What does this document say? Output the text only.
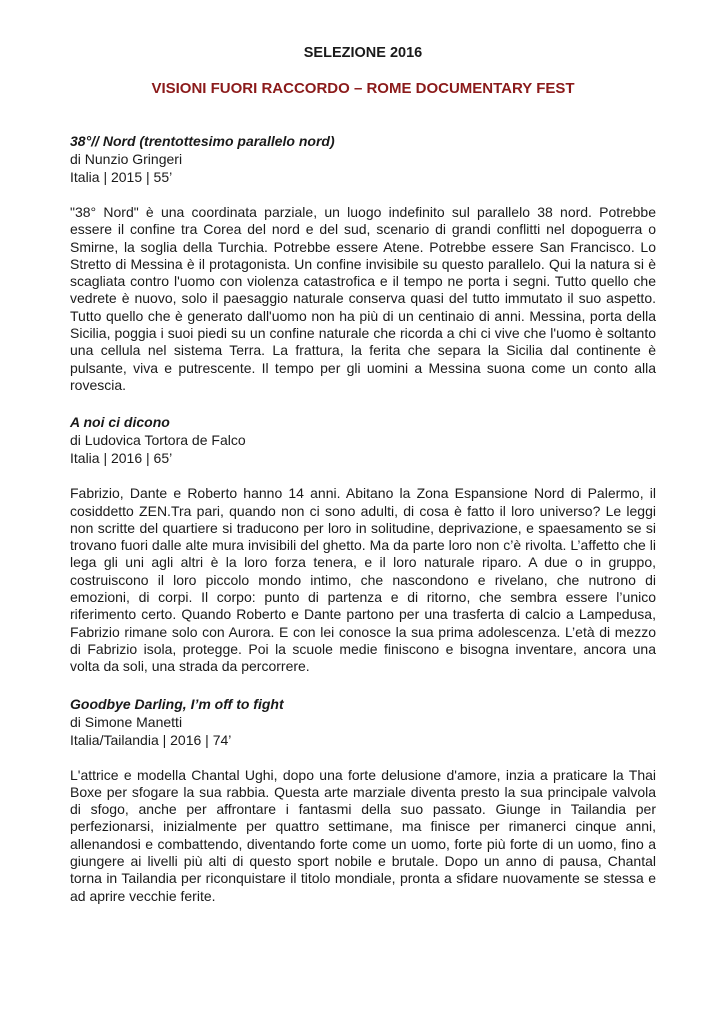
SELEZIONE 2016

VISIONI FUORI RACCORDO – ROME DOCUMENTARY FEST

38°// Nord (trentottesimo parallelo nord)

di Nunzio Gringeri

Italia | 2015 | 55’

"38° Nord" è una coordinata parziale, un luogo indefinito sul parallelo 38 nord. Potrebbe essere il confine tra Corea del nord e del sud, scenario di grandi conflitti nel dopoguerra o Smirne, la soglia della Turchia. Potrebbe essere Atene. Potrebbe essere San Francisco. Lo Stretto di Messina è il protagonista. Un confine invisibile su questo parallelo. Qui la natura si è scagliata contro l'uomo con violenza catastrofica e il tempo ne porta i segni. Tutto quello che vedrete è nuovo, solo il paesaggio naturale conserva quasi del tutto immutato il suo aspetto. Tutto quello che è generato dall'uomo non ha più di un centinaio di anni. Messina, porta della Sicilia, poggia i suoi piedi su un confine naturale che ricorda a chi ci vive che l'uomo è soltanto una cellula nel sistema Terra. La frattura, la ferita che separa la Sicilia dal continente è pulsante, viva e putrescente. Il tempo per gli uomini a Messina suona come un conto alla rovescia.

A noi ci dicono

di Ludovica Tortora de Falco

Italia | 2016 | 65’

Fabrizio, Dante e Roberto hanno 14 anni. Abitano la Zona Espansione Nord di Palermo, il cosiddetto ZEN.Tra pari, quando non ci sono adulti, di cosa è fatto il loro universo? Le leggi non scritte del quartiere si traducono per loro in solitudine, deprivazione, e spaesamento se si trovano fuori dalle alte mura invisibili del ghetto. Ma da parte loro non c’è rivolta. L’affetto che li lega gli uni agli altri è la loro forza tenera, e il loro naturale riparo. A due o in gruppo, costruiscono il loro piccolo mondo intimo, che nascondono e rivelano, che nutrono di emozioni, di corpi. Il corpo: punto di partenza e di ritorno, che sembra essere l’unico riferimento certo. Quando Roberto e Dante partono per una trasferta di calcio a Lampedusa, Fabrizio rimane solo con Aurora. E con lei conosce la sua prima adolescenza. L’età di mezzo di Fabrizio isola, protegge. Poi la scuole medie finiscono e bisogna inventare, ancora una volta da soli, una strada da percorrere.

Goodbye Darling, I’m off to fight

di Simone Manetti

Italia/Tailandia | 2016 | 74’

L'attrice e modella Chantal Ughi, dopo una forte delusione d'amore, inzia a praticare la Thai Boxe per sfogare la sua rabbia. Questa arte marziale diventa presto la sua principale valvola di sfogo, anche per affrontare i fantasmi della suo passato. Giunge in Tailandia per perfezionarsi, inizialmente per quattro settimane, ma finisce per rimanerci cinque anni, allenandosi e combattendo, diventando forte come un uomo, forte più forte di un uomo, fino a giungere ai livelli più alti di questo sport nobile e brutale. Dopo un anno di pausa, Chantal torna in Tailandia per riconquistare il titolo mondiale, pronta a sfidare nuovamente se stessa e ad aprire vecchie ferite.
